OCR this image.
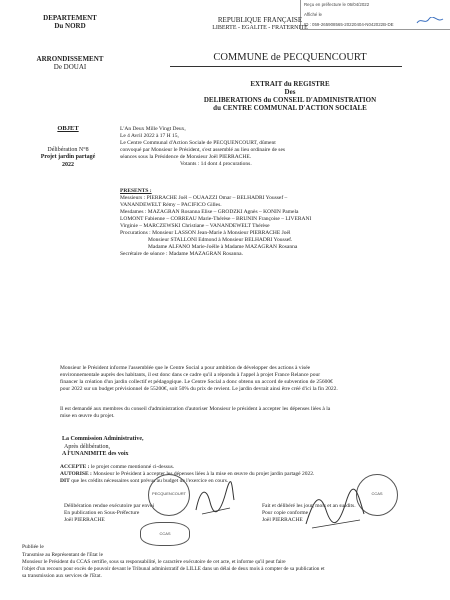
Reçu en préfecture le 06/04/2022
Affiché le
ID : 059-265908565-20220404-N042022B-DE
DEPARTEMENT
Du NORD
ARRONDISSEMENT
De DOUAI
REPUBLIQUE FRANÇAISE
LIBERTE - EGALITE - FRATERNITE
COMMUNE de PECQUENCOURT
EXTRAIT du REGISTRE
Des
DELIBERATIONS du CONSEIL D'ADMINISTRATION
du CENTRE COMMUNAL D'ACTION SOCIALE
OBJET
Délibération N°8
Projet jardin partagé
2022
L'An Deux Mille Vingt Deux,
Le 4 Avril 2022 à 17 H 15,
Le Centre Communal d'Action Sociale de PECQUENCOURT, dûment
convoqué par Monsieur le Président, s'est assemblé au lieu ordinaire de ses
séances sous la Présidence de Monsieur Joël PIERRACHE.
Votants : 14 dont 4 procurations.
PRESENTS :
Messieurs : PIERRACHE Joël – OUAAZZI Omar – BELHADRI Youssef –
VANANDEWELT Rémy – PACIFICO Gilles.
Mesdames : MAZAGRAN Rosanna Elise – GRODZKI Agnès – KONIN Pamela
LOMONT Fabienne – CORREAU Marie-Thérèse – BRUNIN Françoise – LIVERANI
Virginie – MARCZEWSKI Christiane – VANANDEWELT Thérèse
Procurations : Monsieur LASSON Jean-Marie à Monsieur PIERRACHE Joël
Monsieur STALLONI Edmond à Monsieur BELHADRI Youssef.
Madame ALFANO Marie-Joëlle à Madame MAZAGRAN Rosanna
Secrétaire de séance : Madame MAZAGRAN Rosanna.
Monsieur le Président informe l'assemblée que le Centre Social a pour ambition de développer des actions à visée
environnementale auprès des habitants, il est donc dans ce cadre qu'il a répondu à l'appel à projet France Relance pour
financer la création d'un jardin collectif et pédagogique. Le Centre Social a donc obtenu un accord de subvention de 25600€
pour 2022 sur un budget prévisionnel de 55200€, soit 50% du prix de revient. Le jardin devrait ainsi être créé d'ici la fin 2022.
Il est demandé aux membres du conseil d'administration d'autoriser Monsieur le président à accepter les dépenses liées à la
mise en œuvre du projet.
La Commission Administrative,
Après délibération,
A l'UNANIMITE des voix
ACCEPTE : le projet comme mentionné ci-dessus.
AUTORISE : Monsieur le Président à accepter les dépenses liées à la mise en œuvre du projet jardin partagé 2022.
DIT que les crédits nécessaires sont prévus au budget de l'exercice en cours.
Délibération rendue exécutoire par envoi
En publication en Sous-Préfecture
Joël PIERRACHE
Fait et délibéré les jour, mois et an susdits.
Pour copie conforme
Joël PIERRACHE
PECQUENCOURT	CCAS
CCAS
Publiée le
Transmise au Représentant de l'Etat le
Monsieur le Président du CCAS certifie, sous sa responsabilité, le caractère exécutoire de cet acte, et informe qu'il peut faire
l'objet d'un recours pour excès de pouvoir devant le Tribunal administratif de LILLE dans un délai de deux mois à compter de sa publication et
sa transmission aux services de l'Etat.
